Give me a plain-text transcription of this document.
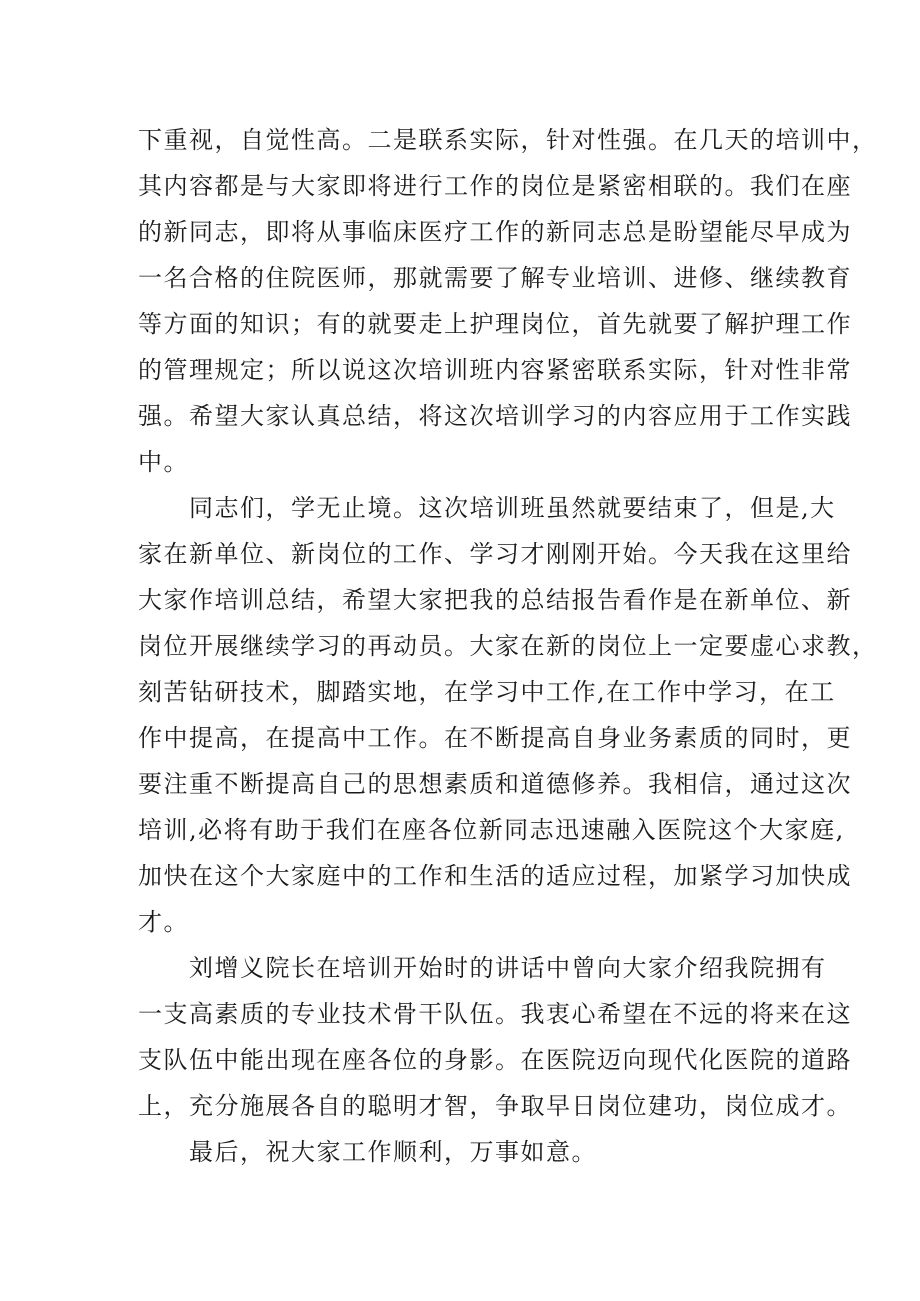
下重视，自觉性高。二是联系实际，针对性强。在几天的培训中，
其内容都是与大家即将进行工作的岗位是紧密相联的。我们在座
的新同志，即将从事临床医疗工作的新同志总是盼望能尽早成为
一名合格的住院医师，那就需要了解专业培训、进修、继续教育
等方面的知识；有的就要走上护理岗位，首先就要了解护理工作
的管理规定；所以说这次培训班内容紧密联系实际，针对性非常
强。希望大家认真总结，将这次培训学习的内容应用于工作实践
中。
　　同志们，学无止境。这次培训班虽然就要结束了，但是,大
家在新单位、新岗位的工作、学习才刚刚开始。今天我在这里给
大家作培训总结，希望大家把我的总结报告看作是在新单位、新
岗位开展继续学习的再动员。大家在新的岗位上一定要虚心求教，
刻苦钻研技术，脚踏实地，在学习中工作,在工作中学习，在工
作中提高，在提高中工作。在不断提高自身业务素质的同时，更
要注重不断提高自己的思想素质和道德修养。我相信，通过这次
培训,必将有助于我们在座各位新同志迅速融入医院这个大家庭,
加快在这个大家庭中的工作和生活的适应过程，加紧学习加快成
才。
　　刘增义院长在培训开始时的讲话中曾向大家介绍我院拥有
一支高素质的专业技术骨干队伍。我衷心希望在不远的将来在这
支队伍中能出现在座各位的身影。在医院迈向现代化医院的道路
上，充分施展各自的聪明才智，争取早日岗位建功，岗位成才。
　　最后，祝大家工作顺利，万事如意。
